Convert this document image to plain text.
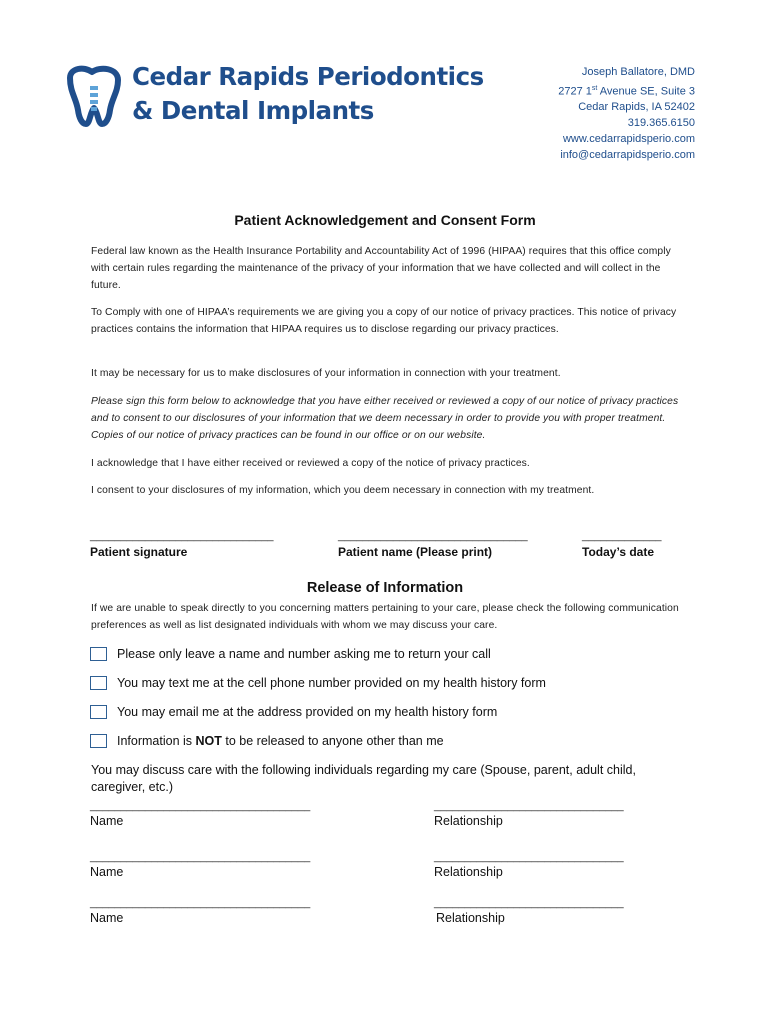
Cedar Rapids Periodontics
& Dental Implants
Joseph Ballatore, DMD
2727 1st Avenue SE, Suite 3
Cedar Rapids, IA 52402
319.365.6150
www.cedarrapidsperio.com
info@cedarrapidsperio.com
Patient Acknowledgement and Consent Form
Federal law known as the Health Insurance Portability and Accountability Act of 1996 (HIPAA) requires that this office comply with certain rules regarding the maintenance of the privacy of your information that we have collected and will collect in the future.
To Comply with one of HIPAA’s requirements we are giving you a copy of our notice of privacy practices. This notice of privacy practices contains the information that HIPAA requires us to disclose regarding our privacy practices.
It may be necessary for us to make disclosures of your information in connection with your treatment.
Please sign this form below to acknowledge that you have either received or reviewed a copy of our notice of privacy practices and to consent to our disclosures of your information that we deem necessary in order to provide you with proper treatment. Copies of our notice of privacy practices can be found in our office or on our website.
I acknowledge that I have either received or reviewed a copy of the notice of privacy practices.
I consent to your disclosures of my information, which you deem necessary in connection with my treatment.
______________________________	_______________________________	_____________
Patient signature	Patient name (Please print)	Today’s date
Release of Information
If we are unable to speak directly to you concerning matters pertaining to your care, please check the following communication preferences as well as list designated individuals with whom we may discuss your care.
Please only leave a name and number asking me to return your call
You may text me at the cell phone number provided on my health history form
You may email me at the address provided on my health history form
Information is NOT to be released to anyone other than me
You may discuss care with the following individuals regarding my care (Spouse, parent, adult child, caregiver, etc.)
____________________________________	_______________________________
Name	Relationship
____________________________________	_______________________________
Name	Relationship
____________________________________	_______________________________
Name	Relationship
